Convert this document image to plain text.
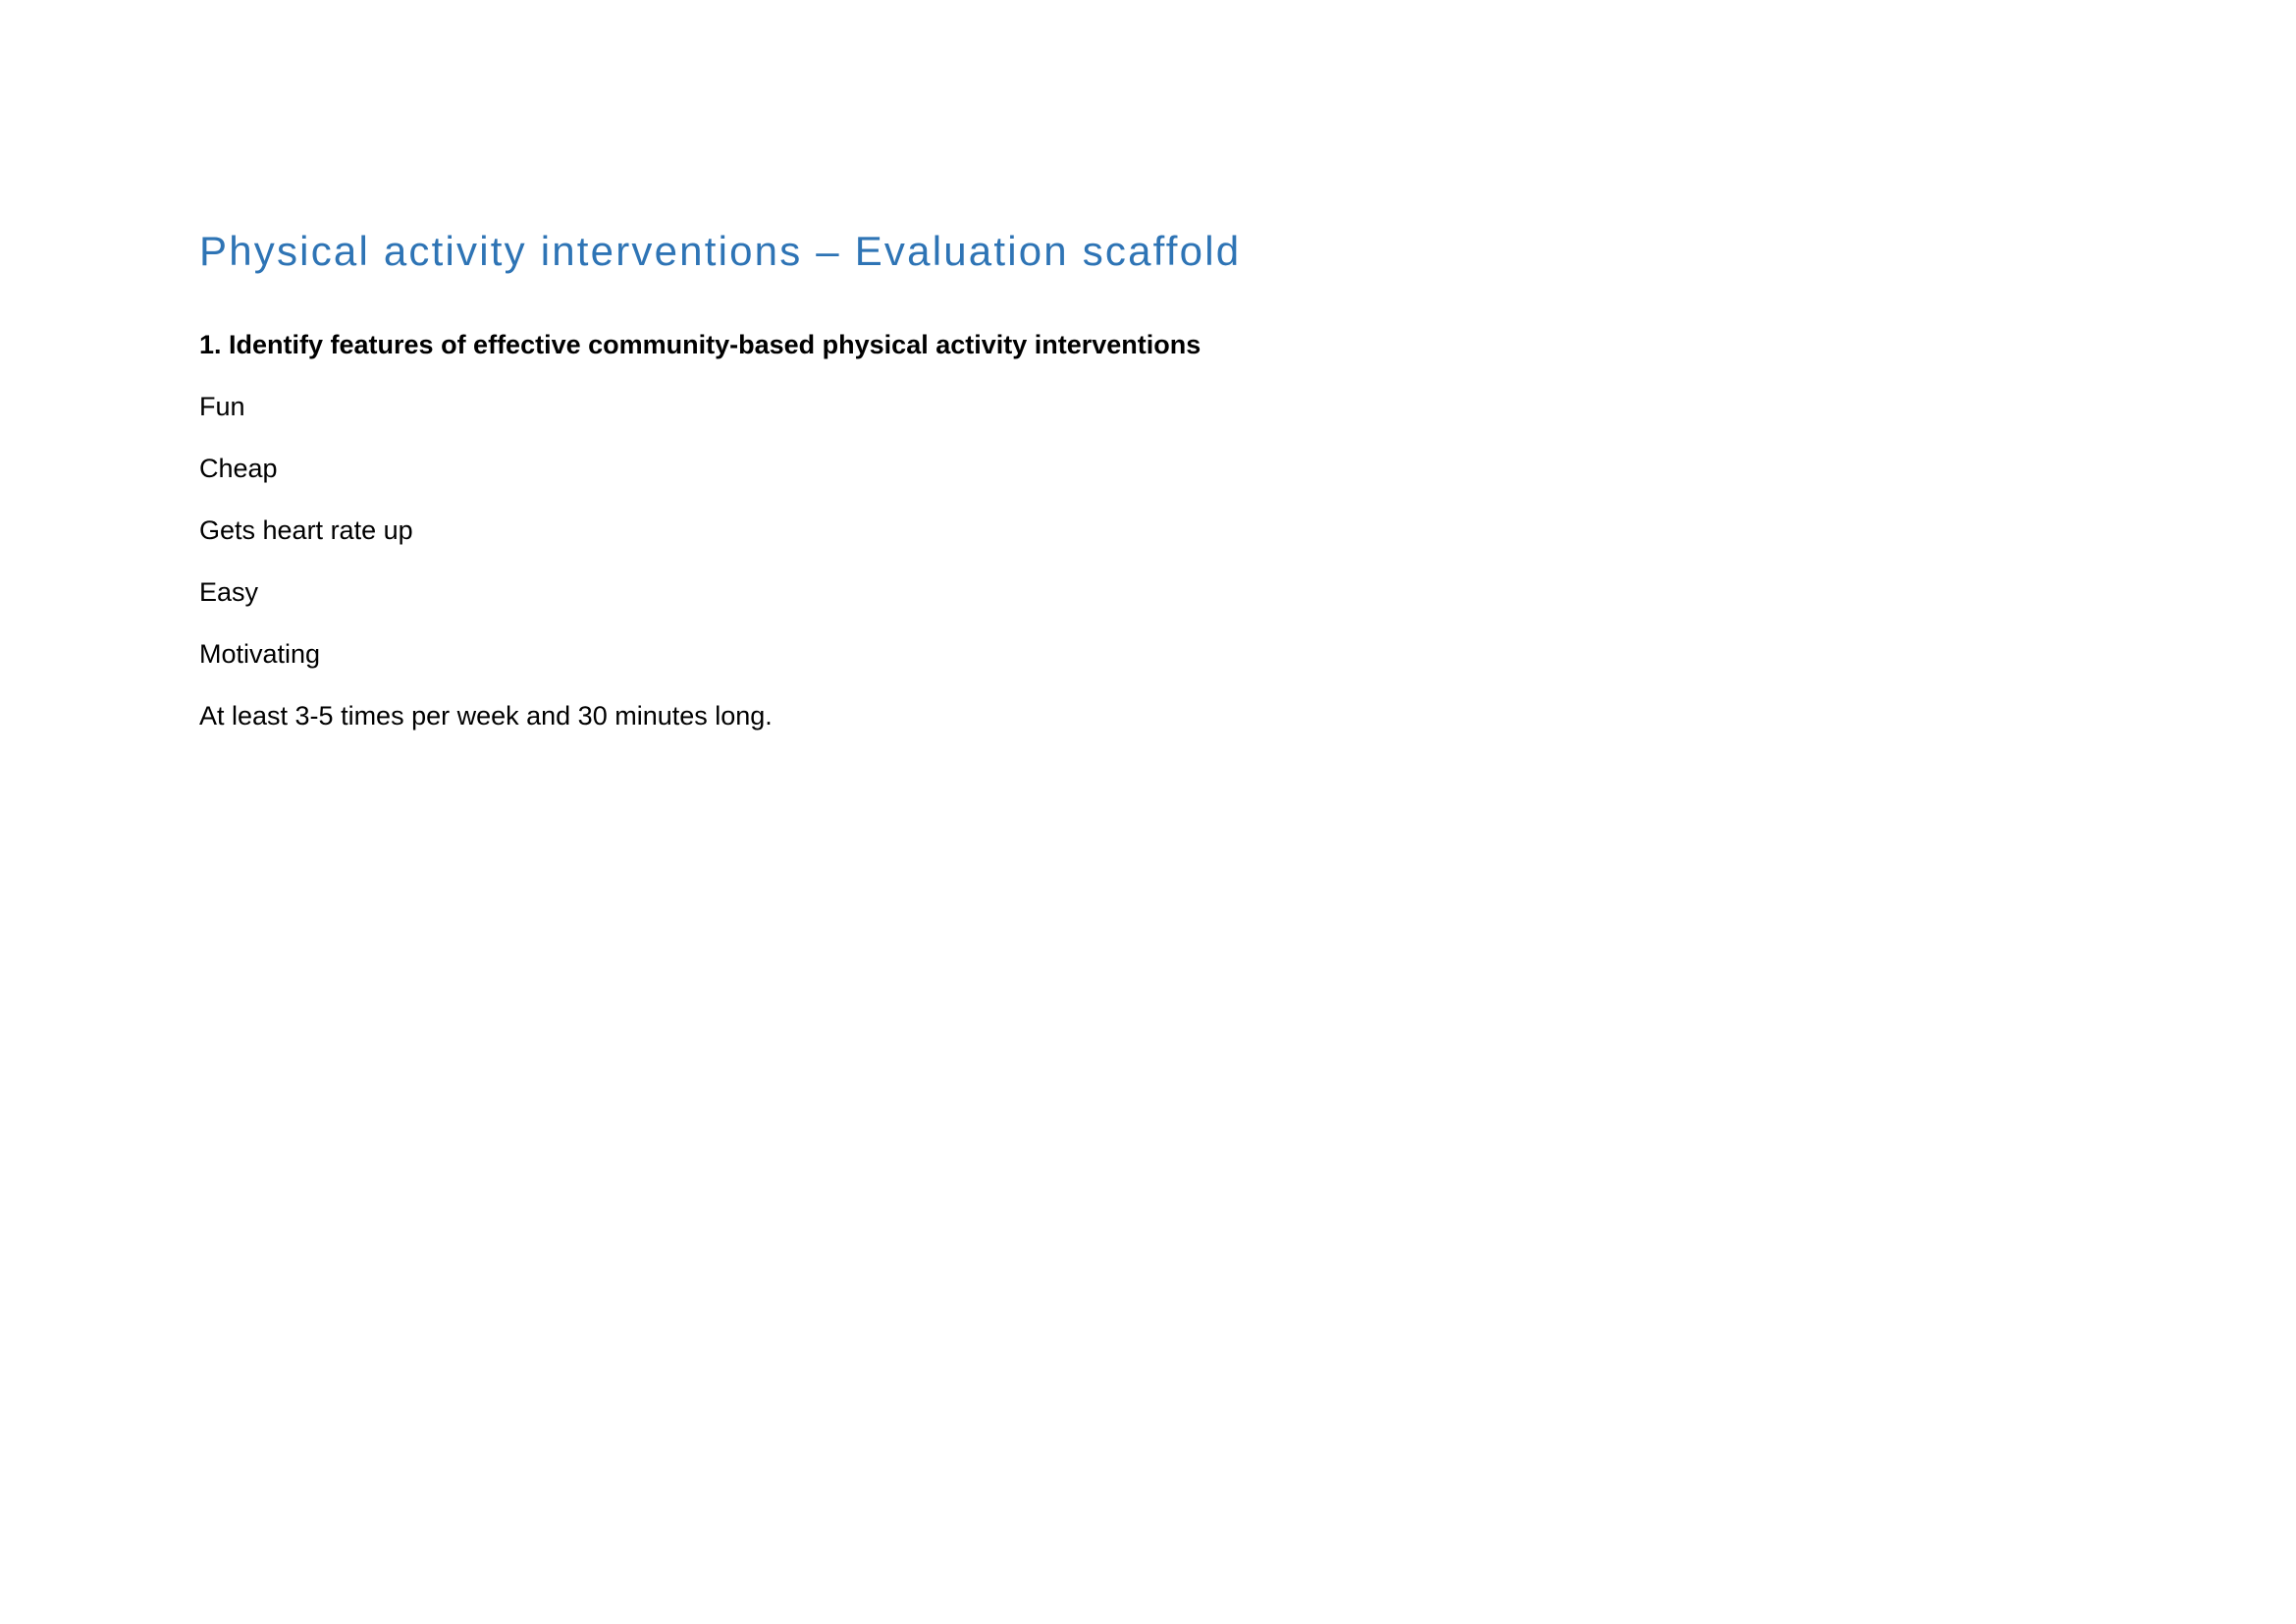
Physical activity interventions – Evaluation scaffold
1. Identify features of effective community-based physical activity interventions
Fun
Cheap
Gets heart rate up
Easy
Motivating
At least 3-5 times per week and 30 minutes long.
